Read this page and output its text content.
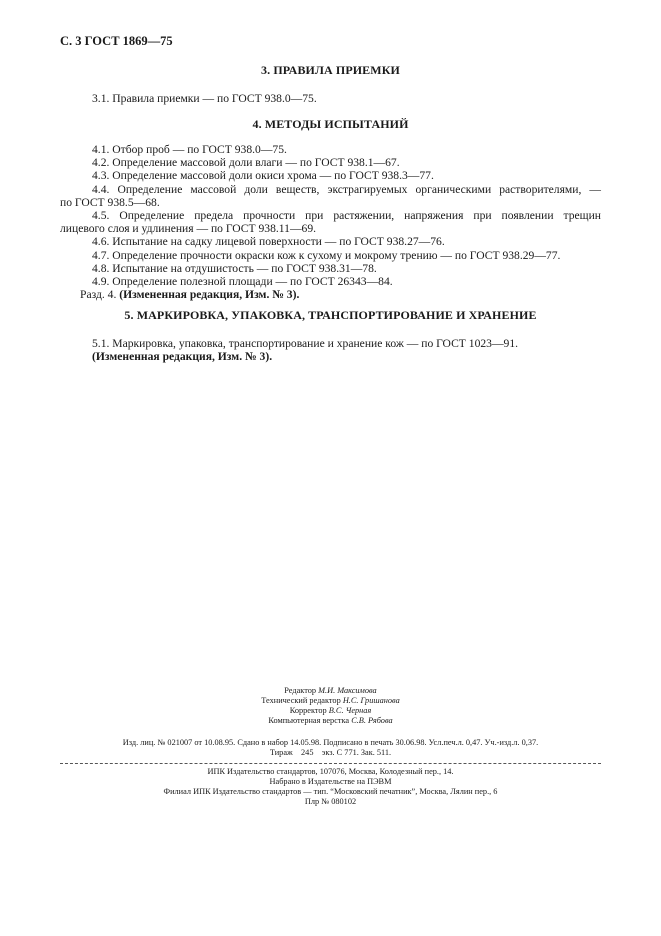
С. 3 ГОСТ 1869—75
3. ПРАВИЛА ПРИЕМКИ
3.1. Правила приемки — по ГОСТ 938.0—75.
4. МЕТОДЫ ИСПЫТАНИЙ
4.1. Отбор проб — по ГОСТ 938.0—75.
4.2. Определение массовой доли влаги — по ГОСТ 938.1—67.
4.3. Определение массовой доли окиси хрома — по ГОСТ 938.3—77.
4.4. Определение массовой доли веществ, экстрагируемых органическими растворителями, —
по ГОСТ 938.5—68.
4.5. Определение предела прочности при растяжении, напряжения при появлении трещин
лицевого слоя и удлинения — по ГОСТ 938.11—69.
4.6. Испытание на садку лицевой поверхности — по ГОСТ 938.27—76.
4.7. Определение прочности окраски кож к сухому и мокрому трению — по ГОСТ 938.29—77.
4.8. Испытание на отдушистость — по ГОСТ 938.31—78.
4.9. Определение полезной площади — по ГОСТ 26343—84.
Разд. 4. (Измененная редакция, Изм. № 3).
5. МАРКИРОВКА, УПАКОВКА, ТРАНСПОРТИРОВАНИЕ И ХРАНЕНИЕ
5.1. Маркировка, упаковка, транспортирование и хранение кож — по ГОСТ 1023—91.
(Измененная редакция, Изм. № 3).
Редактор М.И. Максимова
Технический редактор Н.С. Гришанова
Корректор В.С. Черная
Компьютерная верстка С.В. Рябова
Изд. лиц. № 021007 от 10.08.95. Сдано в набор 14.05.98. Подписано в печать 30.06.98. Усл.печ.л. 0,47. Уч.-изд.л. 0,37.
Тираж    245    экз. С 771. Зак. 511.
ИПК Издательство стандартов, 107076, Москва, Колодезный пер., 14.
Набрано в Издательстве на ПЭВМ
Филиал ИПК Издательство стандартов — тип. “Московский печатник”, Москва, Лялин пер., 6
Плр № 080102
